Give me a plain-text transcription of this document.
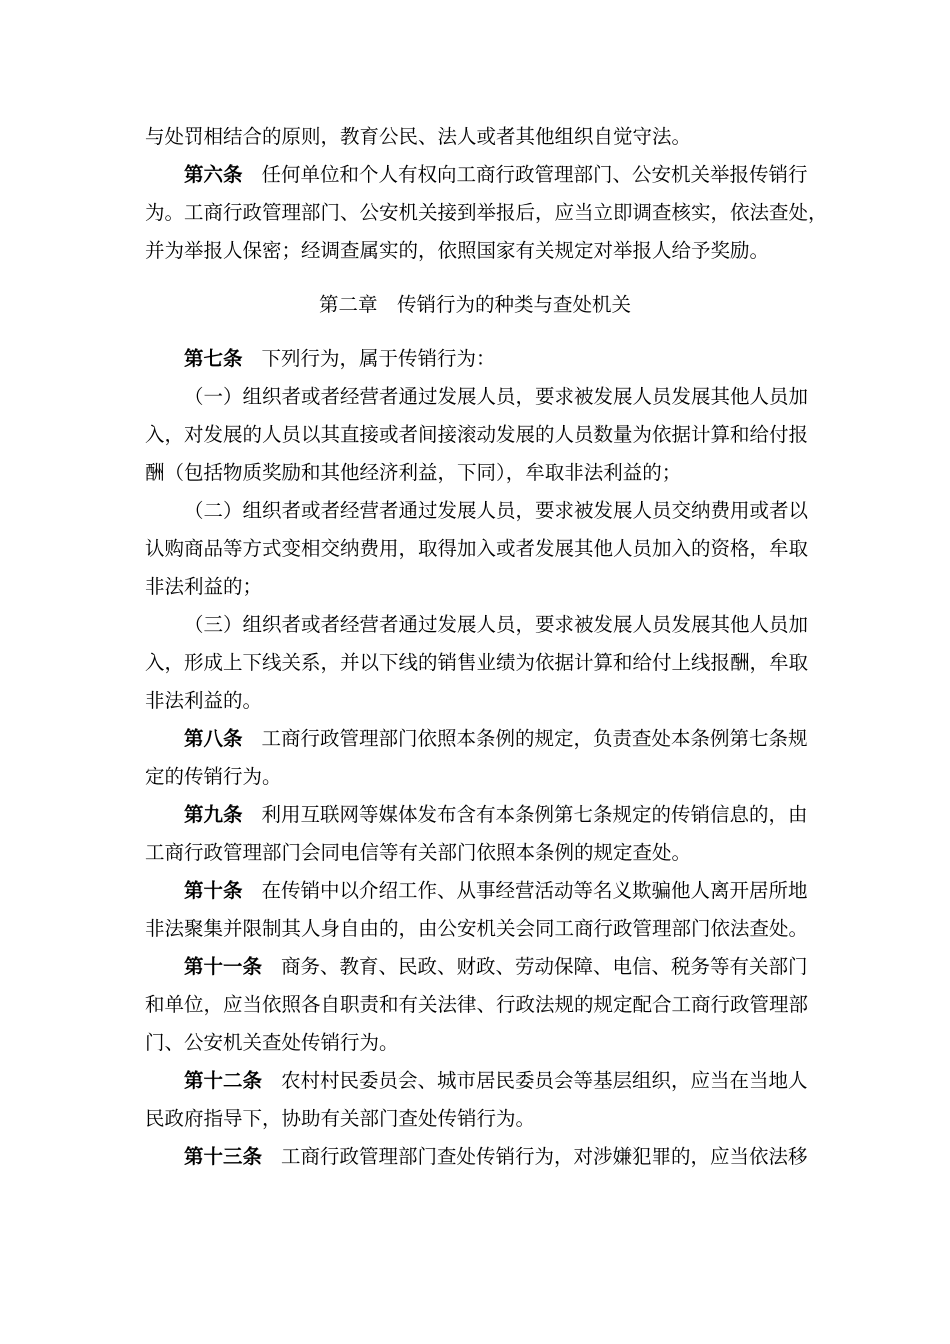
与处罚相结合的原则，教育公民、法人或者其他组织自觉守法。
第六条 任何单位和个人有权向工商行政管理部门、公安机关举报传销行
为。工商行政管理部门、公安机关接到举报后，应当立即调查核实，依法查处，
并为举报人保密；经调查属实的，依照国家有关规定对举报人给予奖励。
第二章　传销行为的种类与查处机关
第七条 下列行为，属于传销行为：
（一）组织者或者经营者通过发展人员，要求被发展人员发展其他人员加
入，对发展的人员以其直接或者间接滚动发展的人员数量为依据计算和给付报
酬（包括物质奖励和其他经济利益，下同），牟取非法利益的；
（二）组织者或者经营者通过发展人员，要求被发展人员交纳费用或者以
认购商品等方式变相交纳费用，取得加入或者发展其他人员加入的资格，牟取
非法利益的；
（三）组织者或者经营者通过发展人员，要求被发展人员发展其他人员加
入，形成上下线关系，并以下线的销售业绩为依据计算和给付上线报酬，牟取
非法利益的。
第八条 工商行政管理部门依照本条例的规定，负责查处本条例第七条规
定的传销行为。
第九条 利用互联网等媒体发布含有本条例第七条规定的传销信息的，由
工商行政管理部门会同电信等有关部门依照本条例的规定查处。
第十条 在传销中以介绍工作、从事经营活动等名义欺骗他人离开居所地
非法聚集并限制其人身自由的，由公安机关会同工商行政管理部门依法查处。
第十一条 商务、教育、民政、财政、劳动保障、电信、税务等有关部门
和单位，应当依照各自职责和有关法律、行政法规的规定配合工商行政管理部
门、公安机关查处传销行为。
第十二条 农村村民委员会、城市居民委员会等基层组织，应当在当地人
民政府指导下，协助有关部门查处传销行为。
第十三条 工商行政管理部门查处传销行为，对涉嫌犯罪的，应当依法移
